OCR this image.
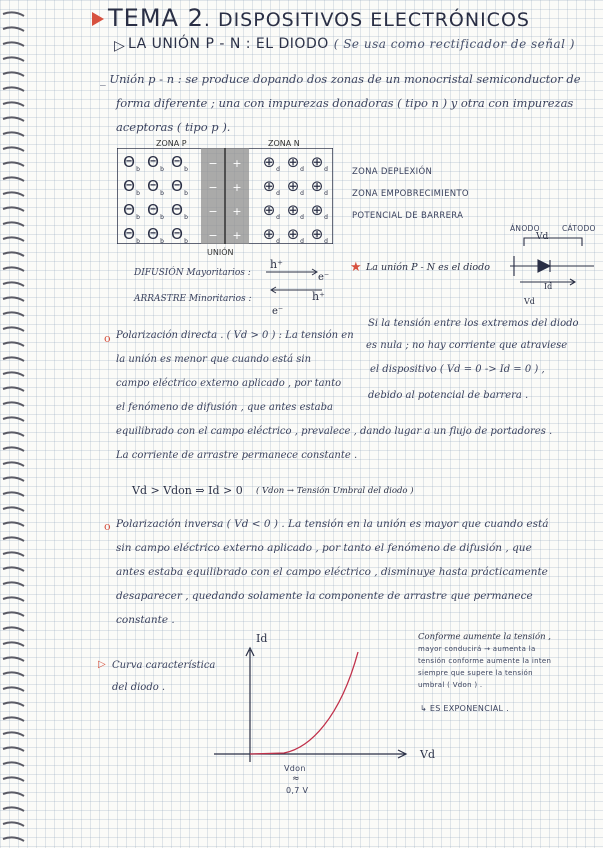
TEMA 2. DISPOSITIVOS ELECTRÓNICOS
▷ LA UNIÓN P - N : EL DIODO ( Se usa como rectificador de señal )
_ Unión p - n : se produce dopando dos zonas de un monocristal semiconductor de
forma diferente ; una con impurezas donadoras ( tipo n ) y otra con impurezas
aceptoras ( tipo p ).
ZONA P	ZONA N
Θ b Θ b Θ b − + ⊕ d ⊕ d ⊕ d
Θ b Θ b Θ b − + ⊕ d ⊕ d ⊕ d
Θ b Θ b Θ b − + ⊕ d ⊕ d ⊕ d
Θ b Θ b Θ b − + ⊕ d ⊕ d ⊕ d
UNIÓN
ZONA DEPLEXIÓN
ZONA EMPOBRECIMIENTO
POTENCIAL DE BARRERA
DIFUSIÓN Mayoritarios :
ARRASTRE Minoritarios :
h⁺
e⁻
h⁺
e⁻
★ La unión P - N es el diodo
ÁNODO	CÁTODO
Vd
Id
Vd
Si la tensión entre los extremos del diodo
es nula ; no hay corriente que atraviese
el dispositivo ( Vd = 0 -> Id = 0 ) ,
debido al potencial de barrera .
o Polarización directa . ( Vd > 0 ) : La tensión en
la unión es menor que cuando está sin
campo eléctrico externo aplicado , por tanto
el fenómeno de difusión , que antes estaba
equilibrado con el campo eléctrico , prevalece , dando lugar a un flujo de portadores .
La corriente de arrastre permanece constante .
Vd > Vdon ⇒ Id > 0 ( Vdon → Tensión Umbral del diodo )
o Polarización inversa ( Vd < 0 ) . La tensión en la unión es mayor que cuando está
sin campo eléctrico externo aplicado , por tanto el fenómeno de difusión , que
antes estaba equilibrado con el campo eléctrico , disminuye hasta prácticamente
desaparecer , quedando solamente la componente de arrastre que permanece
constante .
▷ Curva característica
del diodo .
Id
Vd
Vdon
≈
0,7 V
Conforme aumente la tensión ,
mayor conducirá → aumenta la
tensión conforme aumente la inten
siempre que supere la tensión
umbral ( Vdon ) .
↳ ES EXPONENCIAL .
